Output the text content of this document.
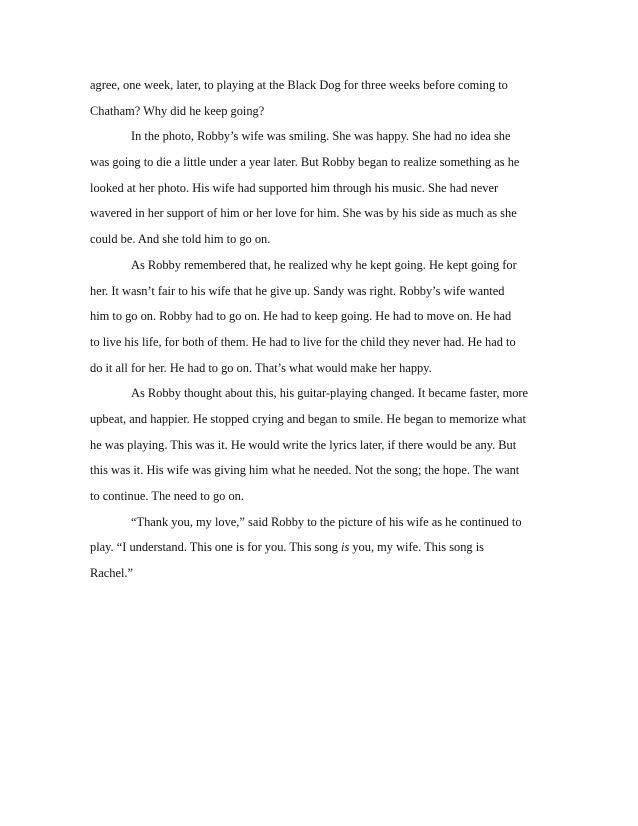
agree, one week, later, to playing at the Black Dog for three weeks before coming to
Chatham? Why did he keep going?
In the photo, Robby’s wife was smiling. She was happy. She had no idea she
was going to die a little under a year later. But Robby began to realize something as he
looked at her photo. His wife had supported him through his music. She had never
wavered in her support of him or her love for him. She was by his side as much as she
could be. And she told him to go on.
As Robby remembered that, he realized why he kept going. He kept going for
her. It wasn’t fair to his wife that he give up. Sandy was right. Robby’s wife wanted
him to go on. Robby had to go on. He had to keep going. He had to move on. He had
to live his life, for both of them. He had to live for the child they never had. He had to
do it all for her. He had to go on. That’s what would make her happy.
As Robby thought about this, his guitar-playing changed. It became faster, more
upbeat, and happier. He stopped crying and began to smile. He began to memorize what
he was playing. This was it. He would write the lyrics later, if there would be any. But
this was it. His wife was giving him what he needed. Not the song; the hope. The want
to continue. The need to go on.
“Thank you, my love,” said Robby to the picture of his wife as he continued to
play. “I understand. This one is for you. This song is you, my wife. This song is
Rachel.”
